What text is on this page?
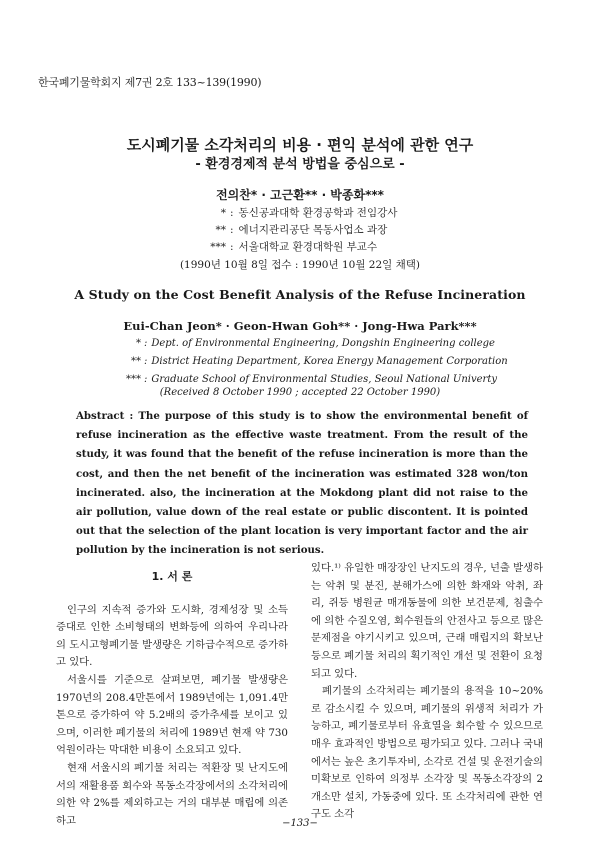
한국폐기물학회지 제7권 2호 133~139(1990)
도시폐기물 소각처리의 비용 · 편익 분석에 관한 연구
- 환경경제적 분석 방법을 중심으로 -
전의찬* · 고근환** · 박종화***
* : 동신공과대학 환경공학과 전임강사
** : 에너지관리공단 목동사업소 과장
*** : 서울대학교 환경대학원 부교수
(1990년 10월 8일 접수 : 1990년 10월 22일 채택)
A Study on the Cost Benefit Analysis of the Refuse Incineration
Eui-Chan Jeon* · Geon-Hwan Goh** · Jong-Hwa Park***
* : Dept. of Environmental Engineering, Dongshin Engineering college
** : District Heating Department, Korea Energy Management Corporation
*** : Graduate School of Environmental Studies, Seoul National Univerty
(Received 8 October 1990 ; accepted 22 October 1990)

Abstract : The purpose of this study is to show the environmental benefit of refuse incineration as the effective waste treatment. From the result of the study, it was found that the benefit of the refuse incineration is more than the cost, and then the net benefit of the incineration was estimated 328 won/ton incinerated. also, the incineration at the Mokdong plant did not raise to the air pollution, value down of the real estate or public discontent. It is pointed out that the selection of the plant location is very important factor and the air pollution by the incineration is not serious.

1. 서 론

인구의 지속적 증가와 도시화, 경제성장 및 소득증대로 인한 소비형태의 변화등에 의하여 우리나라의 도시고형폐기물 발생량은 기하급수적으로 증가하고 있다.

서울시를 기준으로 살펴보면, 폐기물 발생량은 1970년의 208.4만톤에서 1989년에는 1,091.4만톤으로 증가하여 약 5.2배의 증가추세를 보이고 있으며, 이러한 폐기물의 처리에 1989년 현재 약 730억원이라는 막대한 비용이 소요되고 있다.

현재 서울시의 폐기물 처리는 적환장 및 난지도에서의 재활용품 회수와 목동소각장에서의 소각처리에 의한 약 2%를 제외하고는 거의 대부분 매립에 의존하고

있다.¹⁾ 유일한 매장장인 난지도의 경우, 넌출 발생하는 악취 및 분진, 분해가스에 의한 화재와 악취, 좌리, 쥐등 병원균 매개동물에 의한 보건문제, 침출수에 의한 수질오염, 회수원들의 안전사고 등으로 많은 문제점을 야기시키고 있으며, 근래 매립지의 확보난 등으로 폐기물 처리의 획기적인 개선 및 전환이 요청되고 있다.

폐기물의 소각처리는 폐기물의 용적을 10~20%로 감소시킬 수 있으며, 폐기물의 위생적 처리가 가능하고, 폐기물로부터 유효열을 회수할 수 있으므로 매우 효과적인 방법으로 평가되고 있다. 그러나 국내에서는 높은 초기투자비, 소각로 건설 및 운전기술의 미확보로 인하여 의정부 소각장 및 목동소각장의 2개소만 설치, 가동중에 있다. 또 소각처리에 관한 연구도 소각

−133−
